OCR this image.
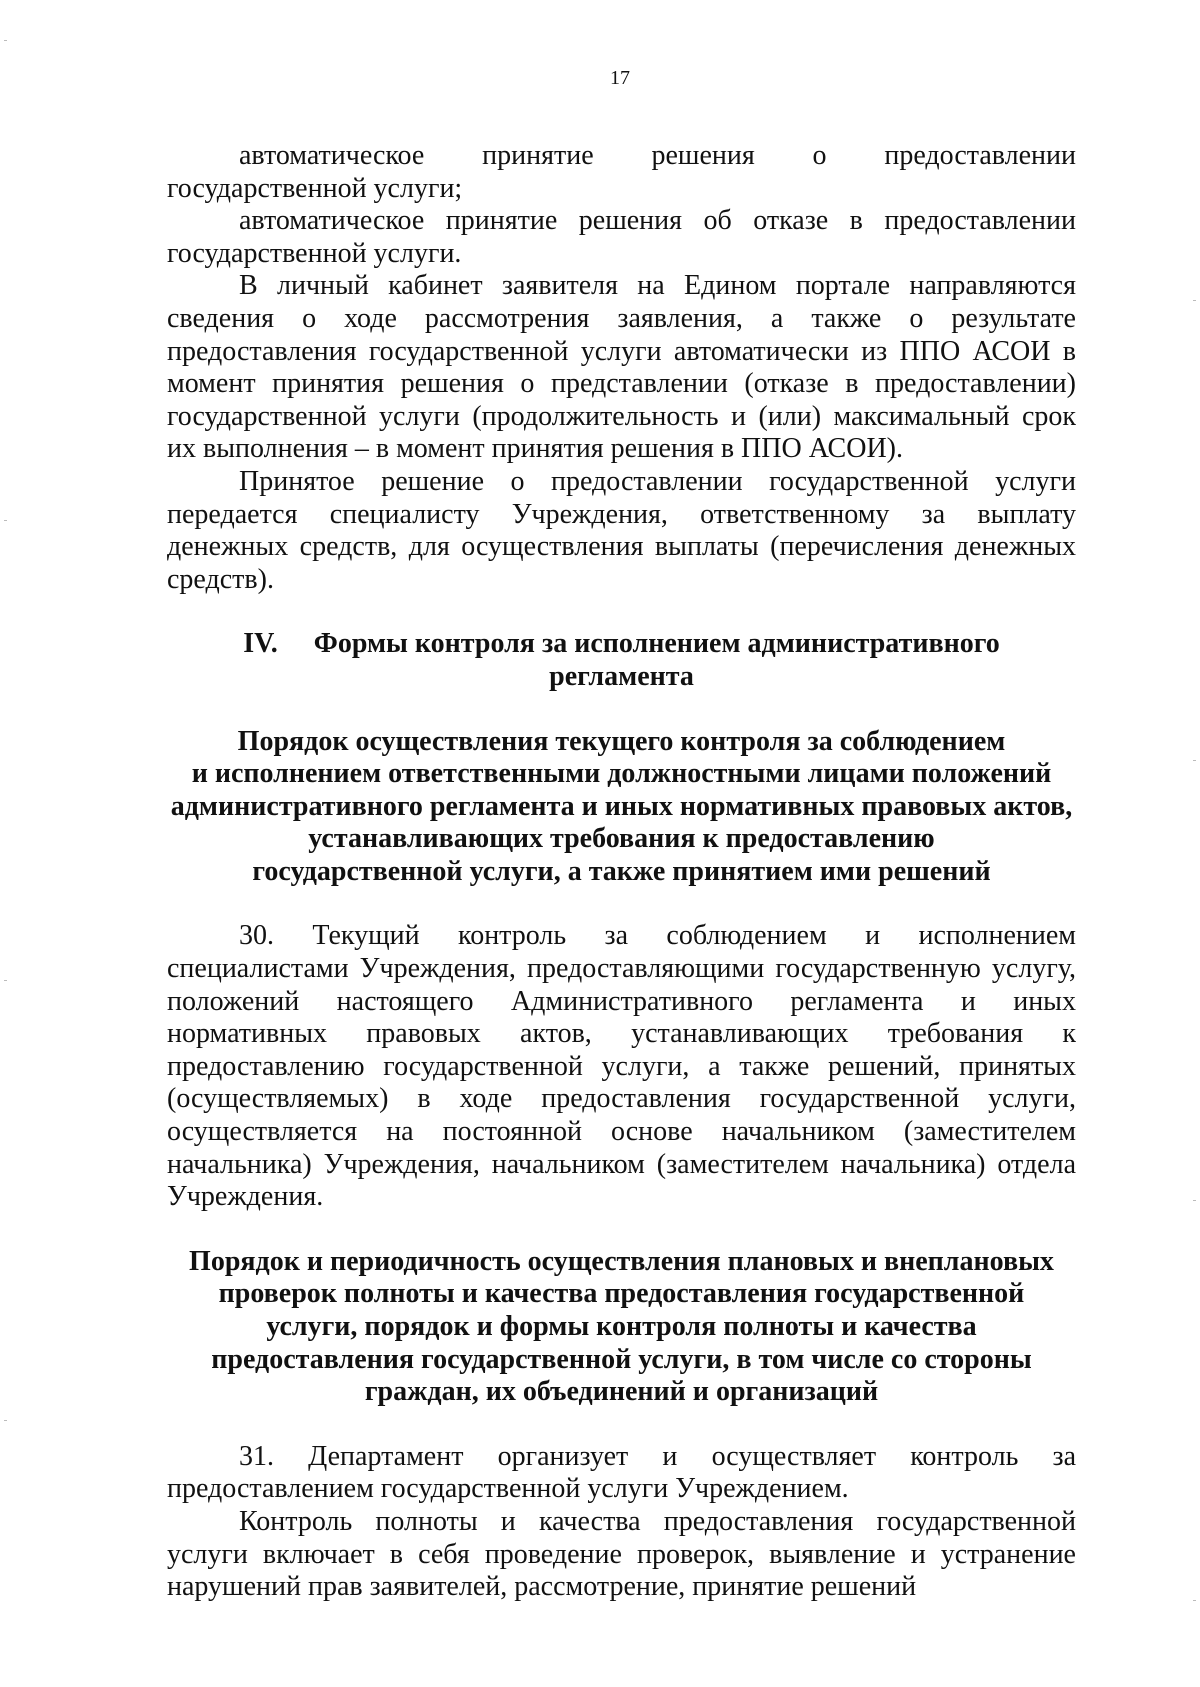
17

автоматическое принятие решения о предоставлении государственной услуги;

автоматическое принятие решения об отказе в предоставлении государственной услуги.

В личный кабинет заявителя на Едином портале направляются сведения о ходе рассмотрения заявления, а также о результате предоставления государственной услуги автоматически из ППО АСОИ в момент принятия решения о представлении (отказе в предоставлении) государственной услуги (продолжительность и (или) максимальный срок их выполнения – в момент принятия решения в ППО АСОИ).

Принятое решение о предоставлении государственной услуги передается специалисту Учреждения, ответственному за выплату денежных средств, для осуществления выплаты (перечисления денежных средств).

IV. Формы контроля за исполнением административного
регламента
Порядок осуществления текущего контроля за соблюдением
и исполнением ответственными должностными лицами положений
административного регламента и иных нормативных правовых актов,
устанавливающих требования к предоставлению
государственной услуги, а также принятием ими решений

30. Текущий контроль за соблюдением и исполнением специалистами Учреждения, предоставляющими государственную услугу, положений настоящего Административного регламента и иных нормативных правовых актов, устанавливающих требования к предоставлению государственной услуги, а также решений, принятых (осуществляемых) в ходе предоставления государственной услуги, осуществляется на постоянной основе начальником (заместителем начальника) Учреждения, начальником (заместителем начальника) отдела Учреждения.

Порядок и периодичность осуществления плановых и внеплановых
проверок полноты и качества предоставления государственной
услуги, порядок и формы контроля полноты и качества
предоставления государственной услуги, в том числе со стороны
граждан, их объединений и организаций

31. Департамент организует и осуществляет контроль за предоставлением государственной услуги Учреждением.

Контроль полноты и качества предоставления государственной услуги включает в себя проведение проверок, выявление и устранение нарушений прав заявителей, рассмотрение, принятие решений
